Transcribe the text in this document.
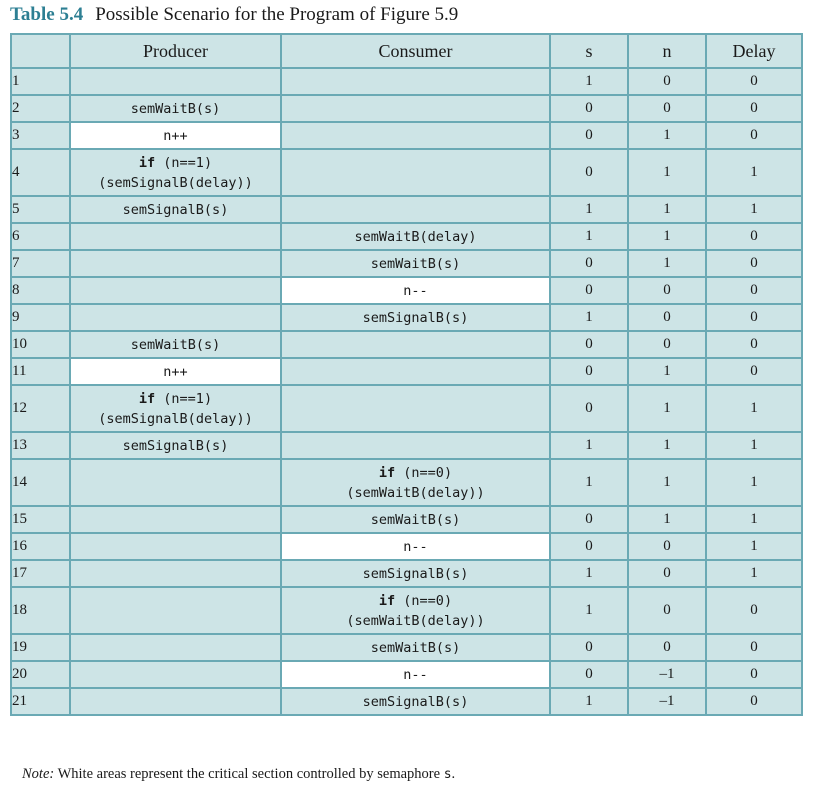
Table 5.4 Possible Scenario for the Program of Figure 5.9
	Producer	Consumer	s	n	Delay
1			1	0	0
2	semWaitB(s)		0	0	0
3	n++		0	1	0
4	if (n==1)
(semSignalB(delay))		0	1	1
5	semSignalB(s)		1	1	1
6		semWaitB(delay)	1	1	0
7		semWaitB(s)	0	1	0
8		n--	0	0	0
9		semSignalB(s)	1	0	0
10	semWaitB(s)		0	0	0
11	n++		0	1	0
12	if (n==1)
(semSignalB(delay))		0	1	1
13	semSignalB(s)		1	1	1
14		if (n==0)
(semWaitB(delay))	1	1	1
15		semWaitB(s)	0	1	1
16		n--	0	0	1
17		semSignalB(s)	1	0	1
18		if (n==0)
(semWaitB(delay))	1	0	0
19		semWaitB(s)	0	0	0
20		n--	0	–1	0
21		semSignalB(s)	1	–1	0
Note: White areas represent the critical section controlled by semaphore s.
